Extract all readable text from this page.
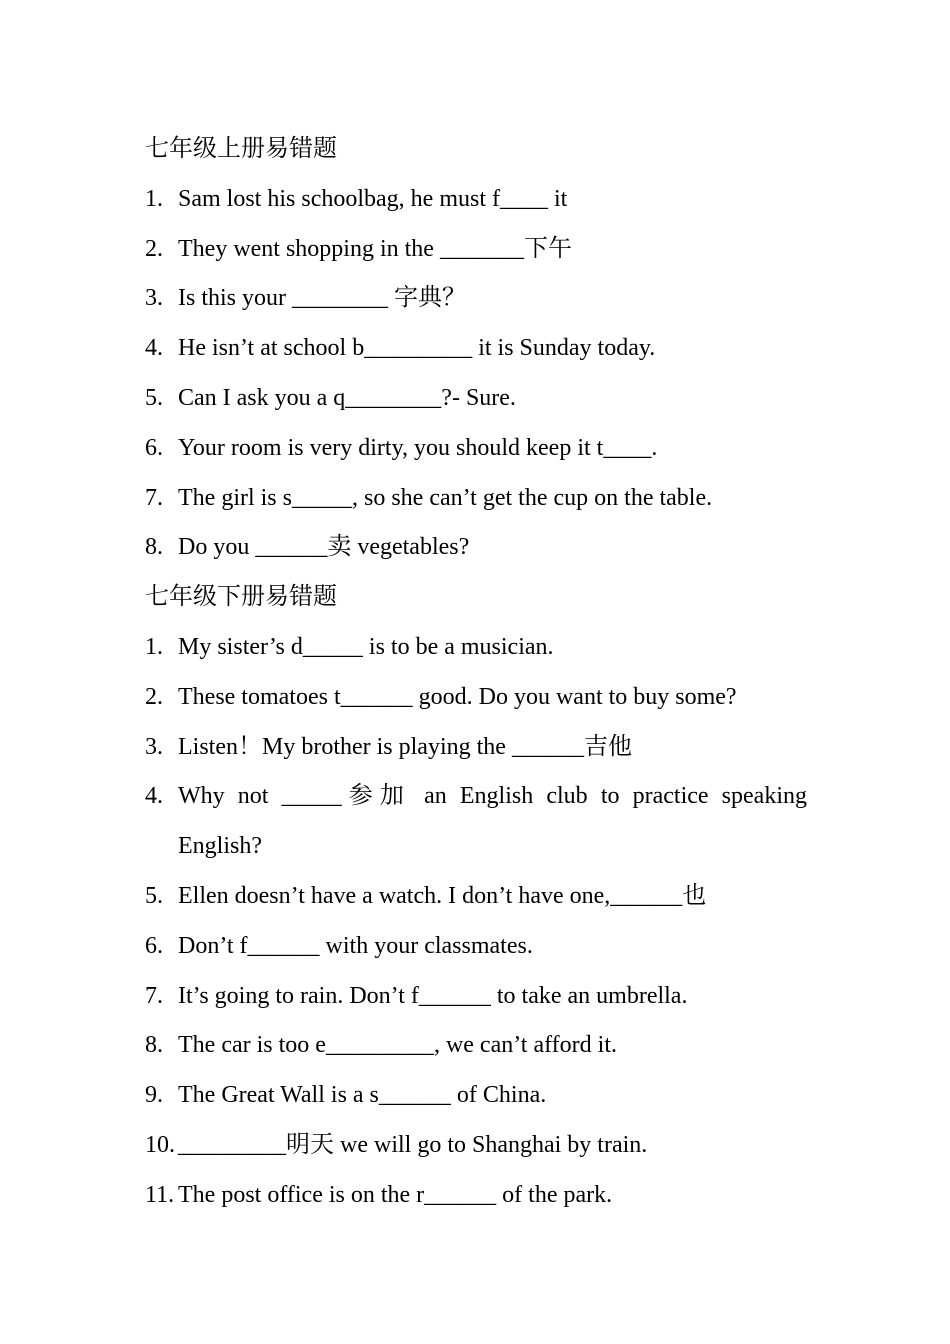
七年级上册易错题
1. Sam lost his schoolbag, he must f____ it
2. They went shopping in the _______下午
3. Is this your ________ 字典？
4. He isn’t at school b_________ it is Sunday today.
5. Can I ask you a q________?- Sure.
6. Your room is very dirty, you should keep it t____.
7. The girl is s_____, so she can’t get the cup on the table.
8. Do you ______卖 vegetables?
七年级下册易错题
1. My sister’s d_____ is to be a musician.
2. These tomatoes t______ good. Do you want to buy some?
3. Listen！My brother is playing the ______吉他
4. Why not _____参加 an English club to practice speaking English?
5. Ellen doesn’t have a watch. I don’t have one,______也
6. Don’t f______ with your classmates.
7. It’s going to rain. Don’t f______ to take an umbrella.
8. The car is too e_________, we can’t afford it.
9. The Great Wall is a s______ of China.
10. _________明天 we will go to Shanghai by train.
11. The post office is on the r______ of the park.
